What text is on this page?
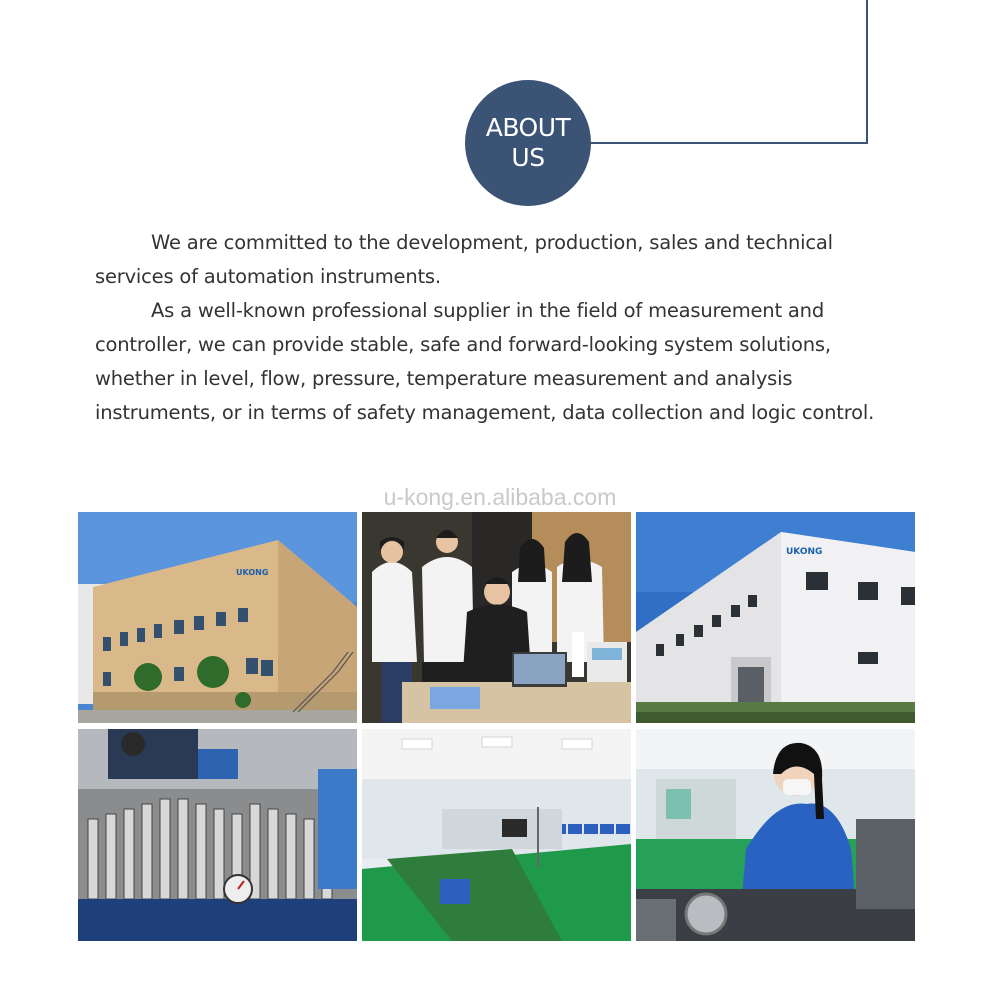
ABOUT
US

We are committed to the development, production, sales and technical services of automation instruments.

As a well-known professional supplier in the field of measurement and controller, we can provide stable, safe and forward-looking system solutions, whether in level, flow, pressure, temperature measurement and analysis instruments, or in terms of safety management, data collection and logic control.

u-kong.en.alibaba.com
UKONG
UKONG
